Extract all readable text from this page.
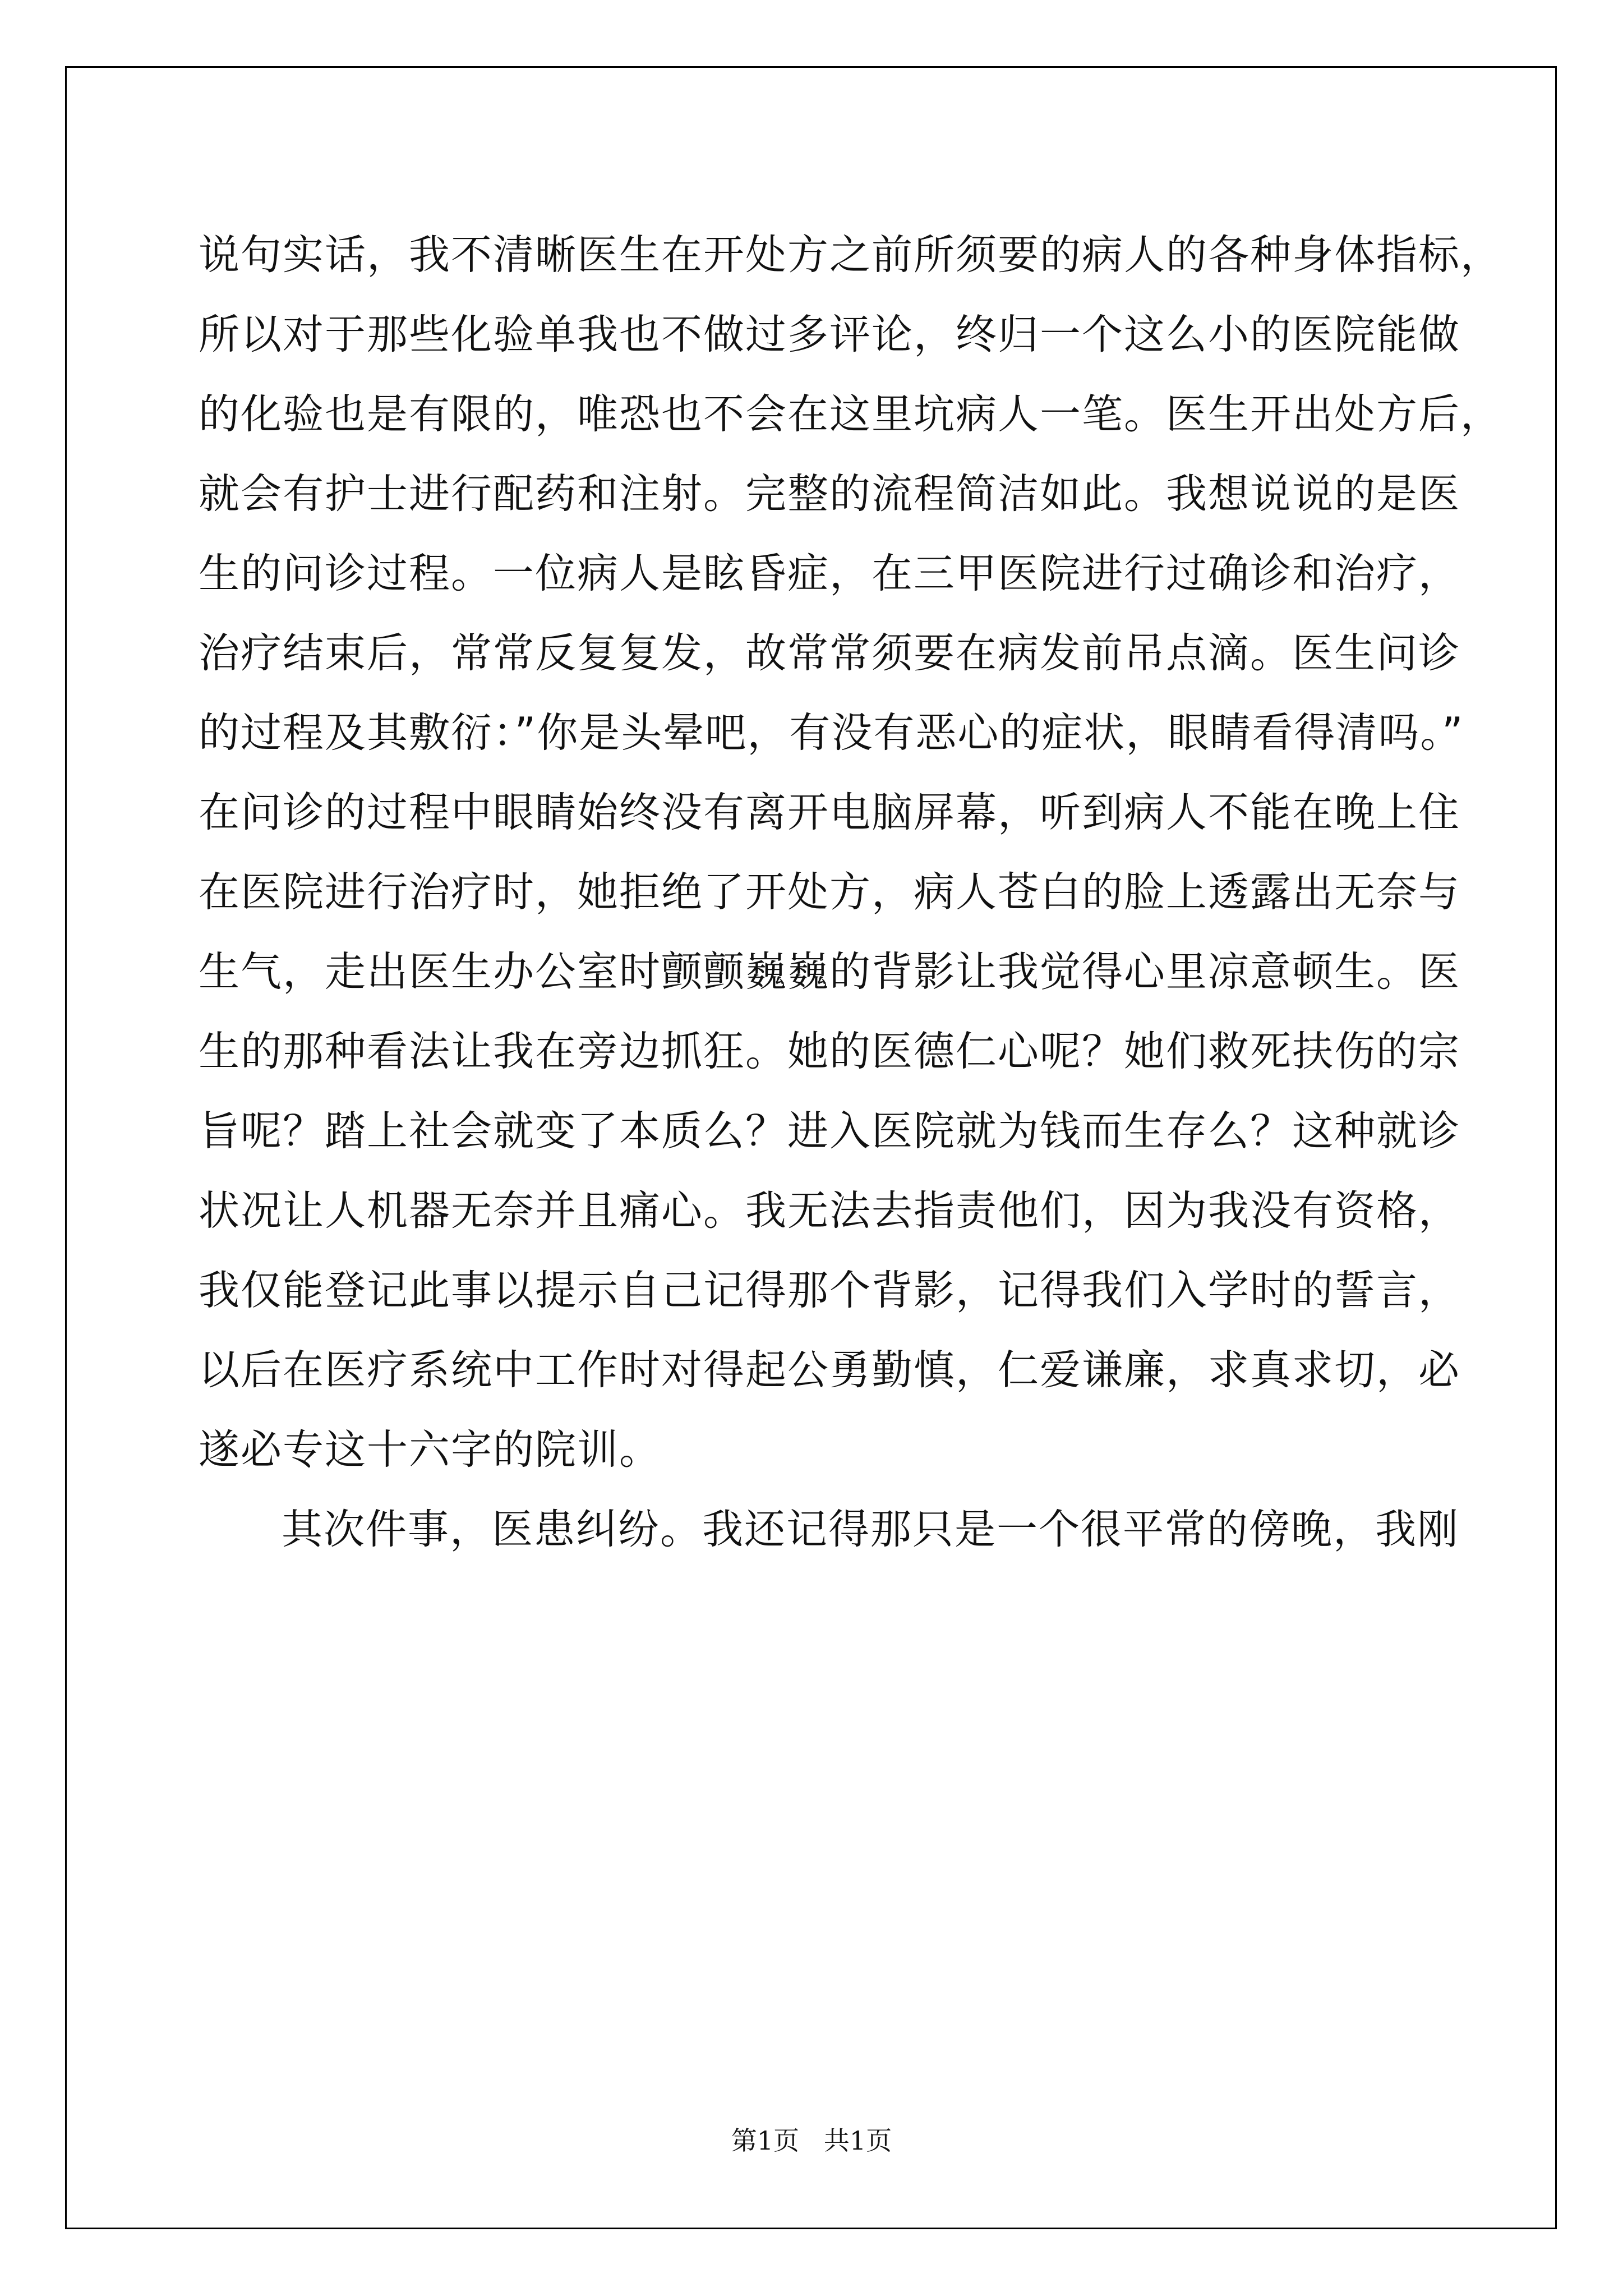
说句实话，我不清晰医生在开处方之前所须要的病人的各种身体指标，
所以对于那些化验单我也不做过多评论，终归一个这么小的医院能做
的化验也是有限的，唯恐也不会在这里坑病人一笔。医生开出处方后，
就会有护士进行配药和注射。完整的流程简洁如此。我想说说的是医
生的问诊过程。一位病人是眩昏症，在三甲医院进行过确诊和治疗，
治疗结束后，常常反复复发，故常常须要在病发前吊点滴。医生问诊
的过程及其敷衍：”你是头晕吧，有没有恶心的症状，眼睛看得清吗。”
在问诊的过程中眼睛始终没有离开电脑屏幕，听到病人不能在晚上住
在医院进行治疗时，她拒绝了开处方，病人苍白的脸上透露出无奈与
生气，走出医生办公室时颤颤巍巍的背影让我觉得心里凉意顿生。医
生的那种看法让我在旁边抓狂。她的医德仁心呢？她们救死扶伤的宗
旨呢？踏上社会就变了本质么？进入医院就为钱而生存么？这种就诊
状况让人机器无奈并且痛心。我无法去指责他们，因为我没有资格，
我仅能登记此事以提示自己记得那个背影，记得我们入学时的誓言，
以后在医疗系统中工作时对得起公勇勤慎，仁爱谦廉，求真求切，必
遂必专这十六字的院训。
其次件事，医患纠纷。我还记得那只是一个很平常的傍晚，我刚
第1页   共1页
